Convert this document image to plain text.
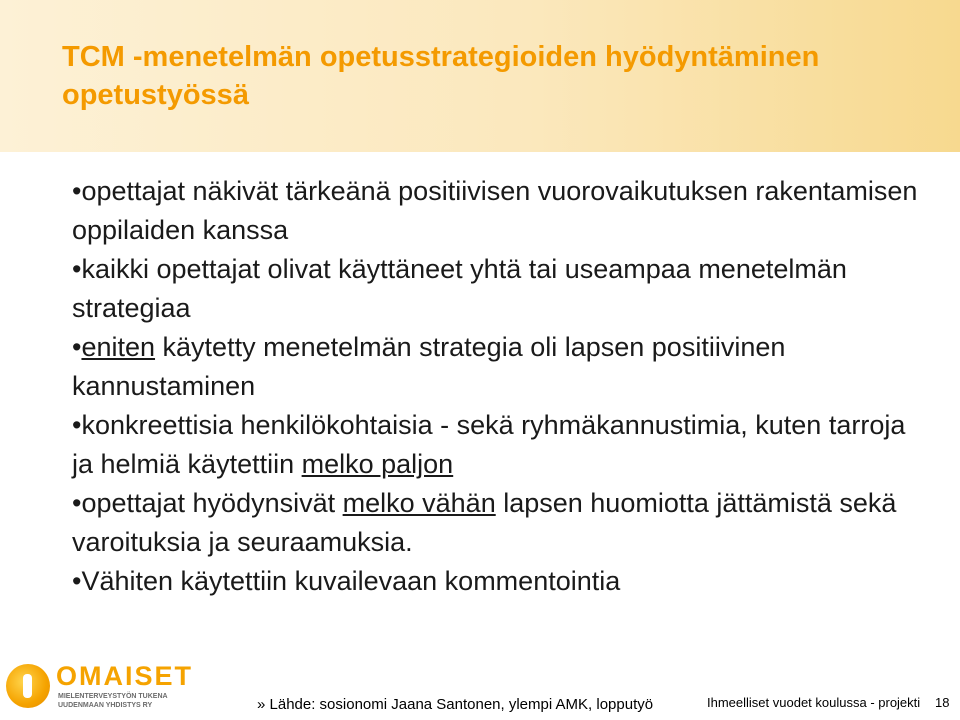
TCM -menetelmän opetusstrategioiden hyödyntäminen
opetustyössä

•opettajat näkivät tärkeänä positiivisen vuorovaikutuksen rakentamisen oppilaiden kanssa

•kaikki opettajat olivat käyttäneet yhtä tai useampaa menetelmän strategiaa

•eniten käytetty menetelmän strategia oli lapsen positiivinen kannustaminen

•konkreettisia henkilökohtaisia - sekä ryhmäkannustimia, kuten tarroja ja helmiä käytettiin melko paljon

•opettajat hyödynsivät melko vähän lapsen huomiotta jättämistä sekä varoituksia ja seuraamuksia.

•Vähiten käytettiin kuvailevaan kommentointia

OMAISET
MIELENTERVEYSTYÖN TUKENA UUDENMAAN YHDISTYS RY	» Lähde: sosionomi Jaana Santonen, ylempi AMK, lopputyö	Ihmeelliset vuodet koulussa - projekti 18
